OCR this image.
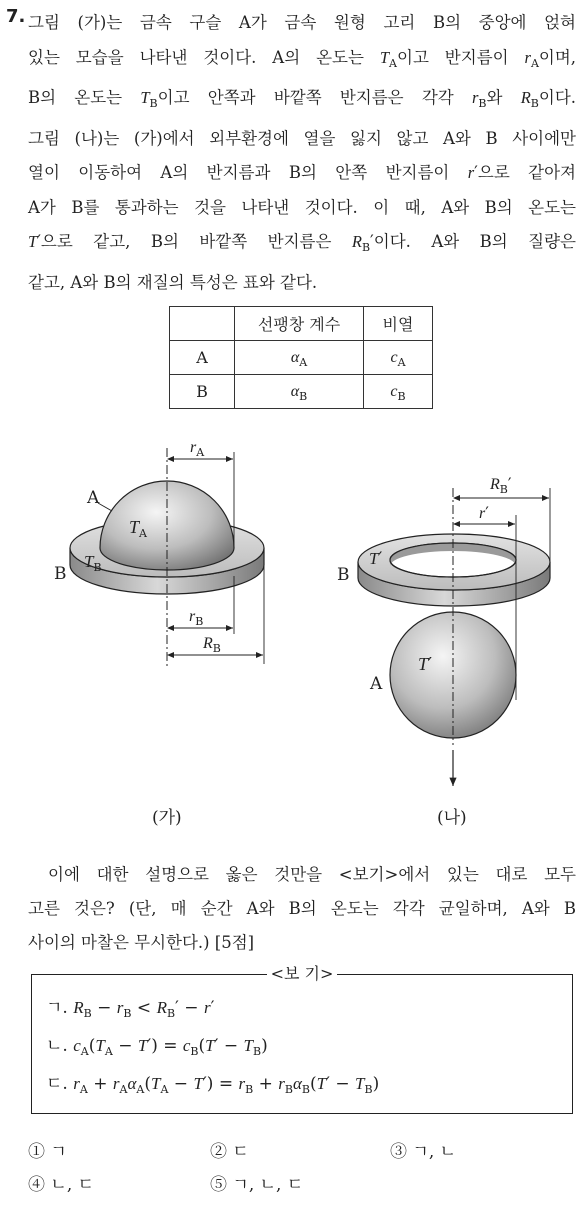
7. 그림 (가)는 금속 구슬 A가 금속 원형 고리 B의 중앙에 얹혀
있는 모습을 나타낸 것이다. A의 온도는 $T_A$이고 반지름이 $r_A$이며,
B의 온도는 $T_B$이고 안쪽과 바깥쪽 반지름은 각각 $r_B$와 $R_B$이다.
그림 (나)는 (가)에서 외부환경에 열을 잃지 않고 A와 B 사이에만
열이 이동하여 A의 반지름과 B의 안쪽 반지름이 r′으로 같아져
A가 B를 통과하는 것을 나타낸 것이다. 이 때, A와 B의 온도는
T′으로 같고, B의 바깥쪽 반지름은 $R_B'$이다. A와 B의 질량은
같고, A와 B의 재질의 특성은 표와 같다.
	선팽창 계수	비열
A	$\alpha_A$	$c_A$
B	$\alpha_B$	$c_B$
A
B
$T_A$
$T_B$
$r_A$
$r_B$
$R_B$
(가)
B
A
T′
T′
$R_B'$
r′
(나)
이에 대한 설명으로 옳은 것만을 <보기>에서 있는 대로 모두
고른 것은? (단, 매 순간 A와 B의 온도는 각각 균일하며, A와 B
사이의 마찰은 무시한다.) [5점]
<보 기>
ㄱ. $R_B - r_B < R_B' - r'$
ㄴ. $c_A(T_A - T') = c_B(T' - T_B)$
ㄷ. $r_A + r_A\alpha_A(T_A - T') = r_B + r_B\alpha_B(T' - T_B)$
① ㄱ	② ㄷ	③ ㄱ, ㄴ
④ ㄴ, ㄷ	⑤ ㄱ, ㄴ, ㄷ
